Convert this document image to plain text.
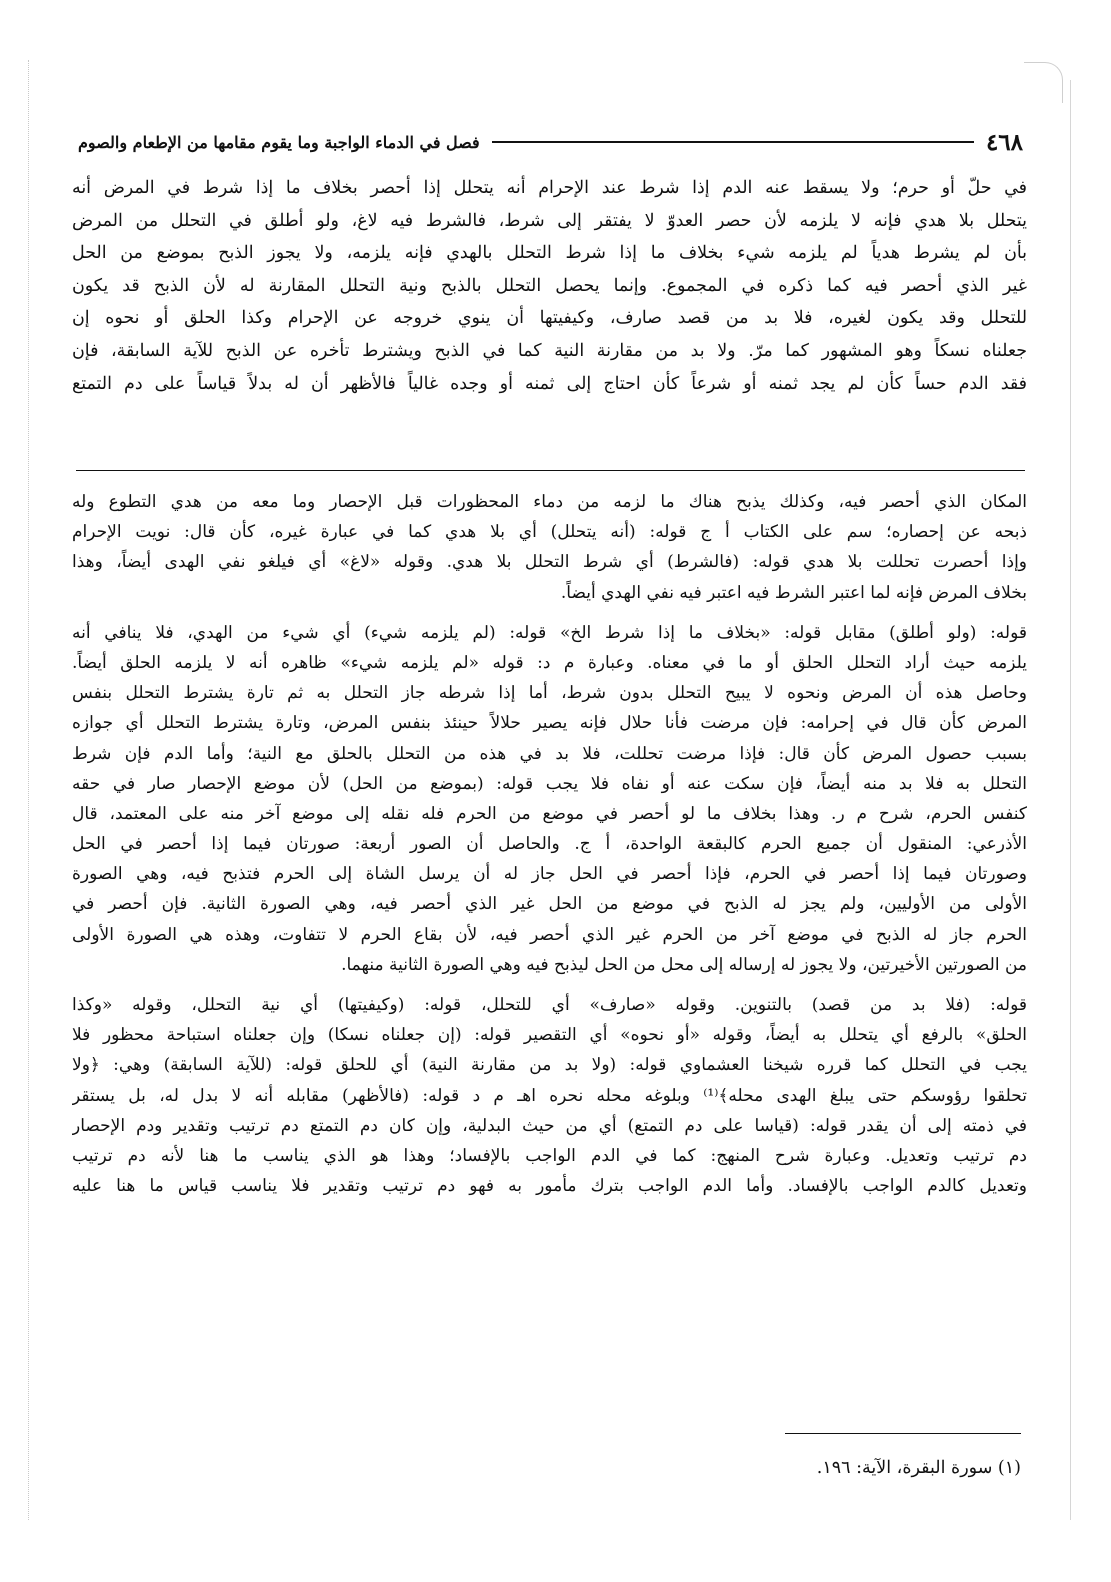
٤٦٨
فصل في الدماء الواجبة وما يقوم مقامها من الإطعام والصوم
في حلّ أو حرم؛ ولا يسقط عنه الدم إذا شرط عند الإحرام أنه يتحلل إذا أحصر بخلاف ما إذا شرط في المرض أنه
يتحلل بلا هدي فإنه لا يلزمه لأن حصر العدوّ لا يفتقر إلى شرط، فالشرط فيه لاغ، ولو أطلق في التحلل من المرض
بأن لم يشرط هدياً لم يلزمه شيء بخلاف ما إذا شرط التحلل بالهدي فإنه يلزمه، ولا يجوز الذبح بموضع من الحل
غير الذي أحصر فيه كما ذكره في المجموع. وإنما يحصل التحلل بالذبح ونية التحلل المقارنة له لأن الذبح قد يكون
للتحلل وقد يكون لغيره، فلا بد من قصد صارف، وكيفيتها أن ينوي خروجه عن الإحرام وكذا الحلق أو نحوه إن
جعلناه نسكاً وهو المشهور كما مرّ. ولا بد من مقارنة النية كما في الذبح ويشترط تأخره عن الذبح للآية السابقة، فإن
فقد الدم حساً كأن لم يجد ثمنه أو شرعاً كأن احتاج إلى ثمنه أو وجده غالياً فالأظهر أن له بدلاً قياساً على دم التمتع
المكان الذي أحصر فيه، وكذلك يذبح هناك ما لزمه من دماء المحظورات قبل الإحصار وما معه من هدي التطوع وله
ذبحه عن إحصاره؛ سم على الكتاب أ ج قوله: (أنه يتحلل) أي بلا هدي كما في عبارة غيره، كأن قال: نويت الإحرام
وإذا أحصرت تحللت بلا هدي قوله: (فالشرط) أي شرط التحلل بلا هدي. وقوله «لاغ» أي فيلغو نفي الهدى أيضاً، وهذا
بخلاف المرض فإنه لما اعتبر الشرط فيه اعتبر فيه نفي الهدي أيضاً.
قوله: (ولو أطلق) مقابل قوله: «بخلاف ما إذا شرط الخ» قوله: (لم يلزمه شيء) أي شيء من الهدي، فلا ينافي أنه
يلزمه حيث أراد التحلل الحلق أو ما في معناه. وعبارة م د: قوله «لم يلزمه شيء» ظاهره أنه لا يلزمه الحلق أيضاً.
وحاصل هذه أن المرض ونحوه لا يبيح التحلل بدون شرط، أما إذا شرطه جاز التحلل به ثم تارة يشترط التحلل بنفس
المرض كأن قال في إحرامه: فإن مرضت فأنا حلال فإنه يصير حلالاً حينئذ بنفس المرض، وتارة يشترط التحلل أي جوازه
بسبب حصول المرض كأن قال: فإذا مرضت تحللت، فلا بد في هذه من التحلل بالحلق مع النية؛ وأما الدم فإن شرط
التحلل به فلا بد منه أيضاً، فإن سكت عنه أو نفاه فلا يجب قوله: (بموضع من الحل) لأن موضع الإحصار صار في حقه
كنفس الحرم، شرح م ر. وهذا بخلاف ما لو أحصر في موضع من الحرم فله نقله إلى موضع آخر منه على المعتمد، قال
الأذرعي: المنقول أن جميع الحرم كالبقعة الواحدة، أ ج. والحاصل أن الصور أربعة: صورتان فيما إذا أحصر في الحل
وصورتان فيما إذا أحصر في الحرم، فإذا أحصر في الحل جاز له أن يرسل الشاة إلى الحرم فتذبح فيه، وهي الصورة
الأولى من الأوليين، ولم يجز له الذبح في موضع من الحل غير الذي أحصر فيه، وهي الصورة الثانية. فإن أحصر في
الحرم جاز له الذبح في موضع آخر من الحرم غير الذي أحصر فيه، لأن بقاع الحرم لا تتفاوت، وهذه هي الصورة الأولى
من الصورتين الأخيرتين، ولا يجوز له إرساله إلى محل من الحل ليذبح فيه وهي الصورة الثانية منهما.
قوله: (فلا بد من قصد) بالتنوين. وقوله «صارف» أي للتحلل، قوله: (وكيفيتها) أي نية التحلل، وقوله «وكذا
الحلق» بالرفع أي يتحلل به أيضاً، وقوله «أو نحوه» أي التقصير قوله: (إن جعلناه نسكا) وإن جعلناه استباحة محظور فلا
يجب في التحلل كما قرره شيخنا العشماوي قوله: (ولا بد من مقارنة النية) أي للحلق قوله: (للآية السابقة) وهي: ﴿ولا
تحلقوا رؤوسكم حتى يبلغ الهدى محله﴾⁽¹⁾ وبلوغه محله نحره اهـ م د قوله: (فالأظهر) مقابله أنه لا بدل له، بل يستقر
في ذمته إلى أن يقدر قوله: (قياسا على دم التمتع) أي من حيث البدلية، وإن كان دم التمتع دم ترتيب وتقدير ودم الإحصار
دم ترتيب وتعديل. وعبارة شرح المنهج: كما في الدم الواجب بالإفساد؛ وهذا هو الذي يناسب ما هنا لأنه دم ترتيب
وتعديل كالدم الواجب بالإفساد. وأما الدم الواجب بترك مأمور به فهو دم ترتيب وتقدير فلا يناسب قياس ما هنا عليه
(١) سورة البقرة، الآية: ١٩٦.
